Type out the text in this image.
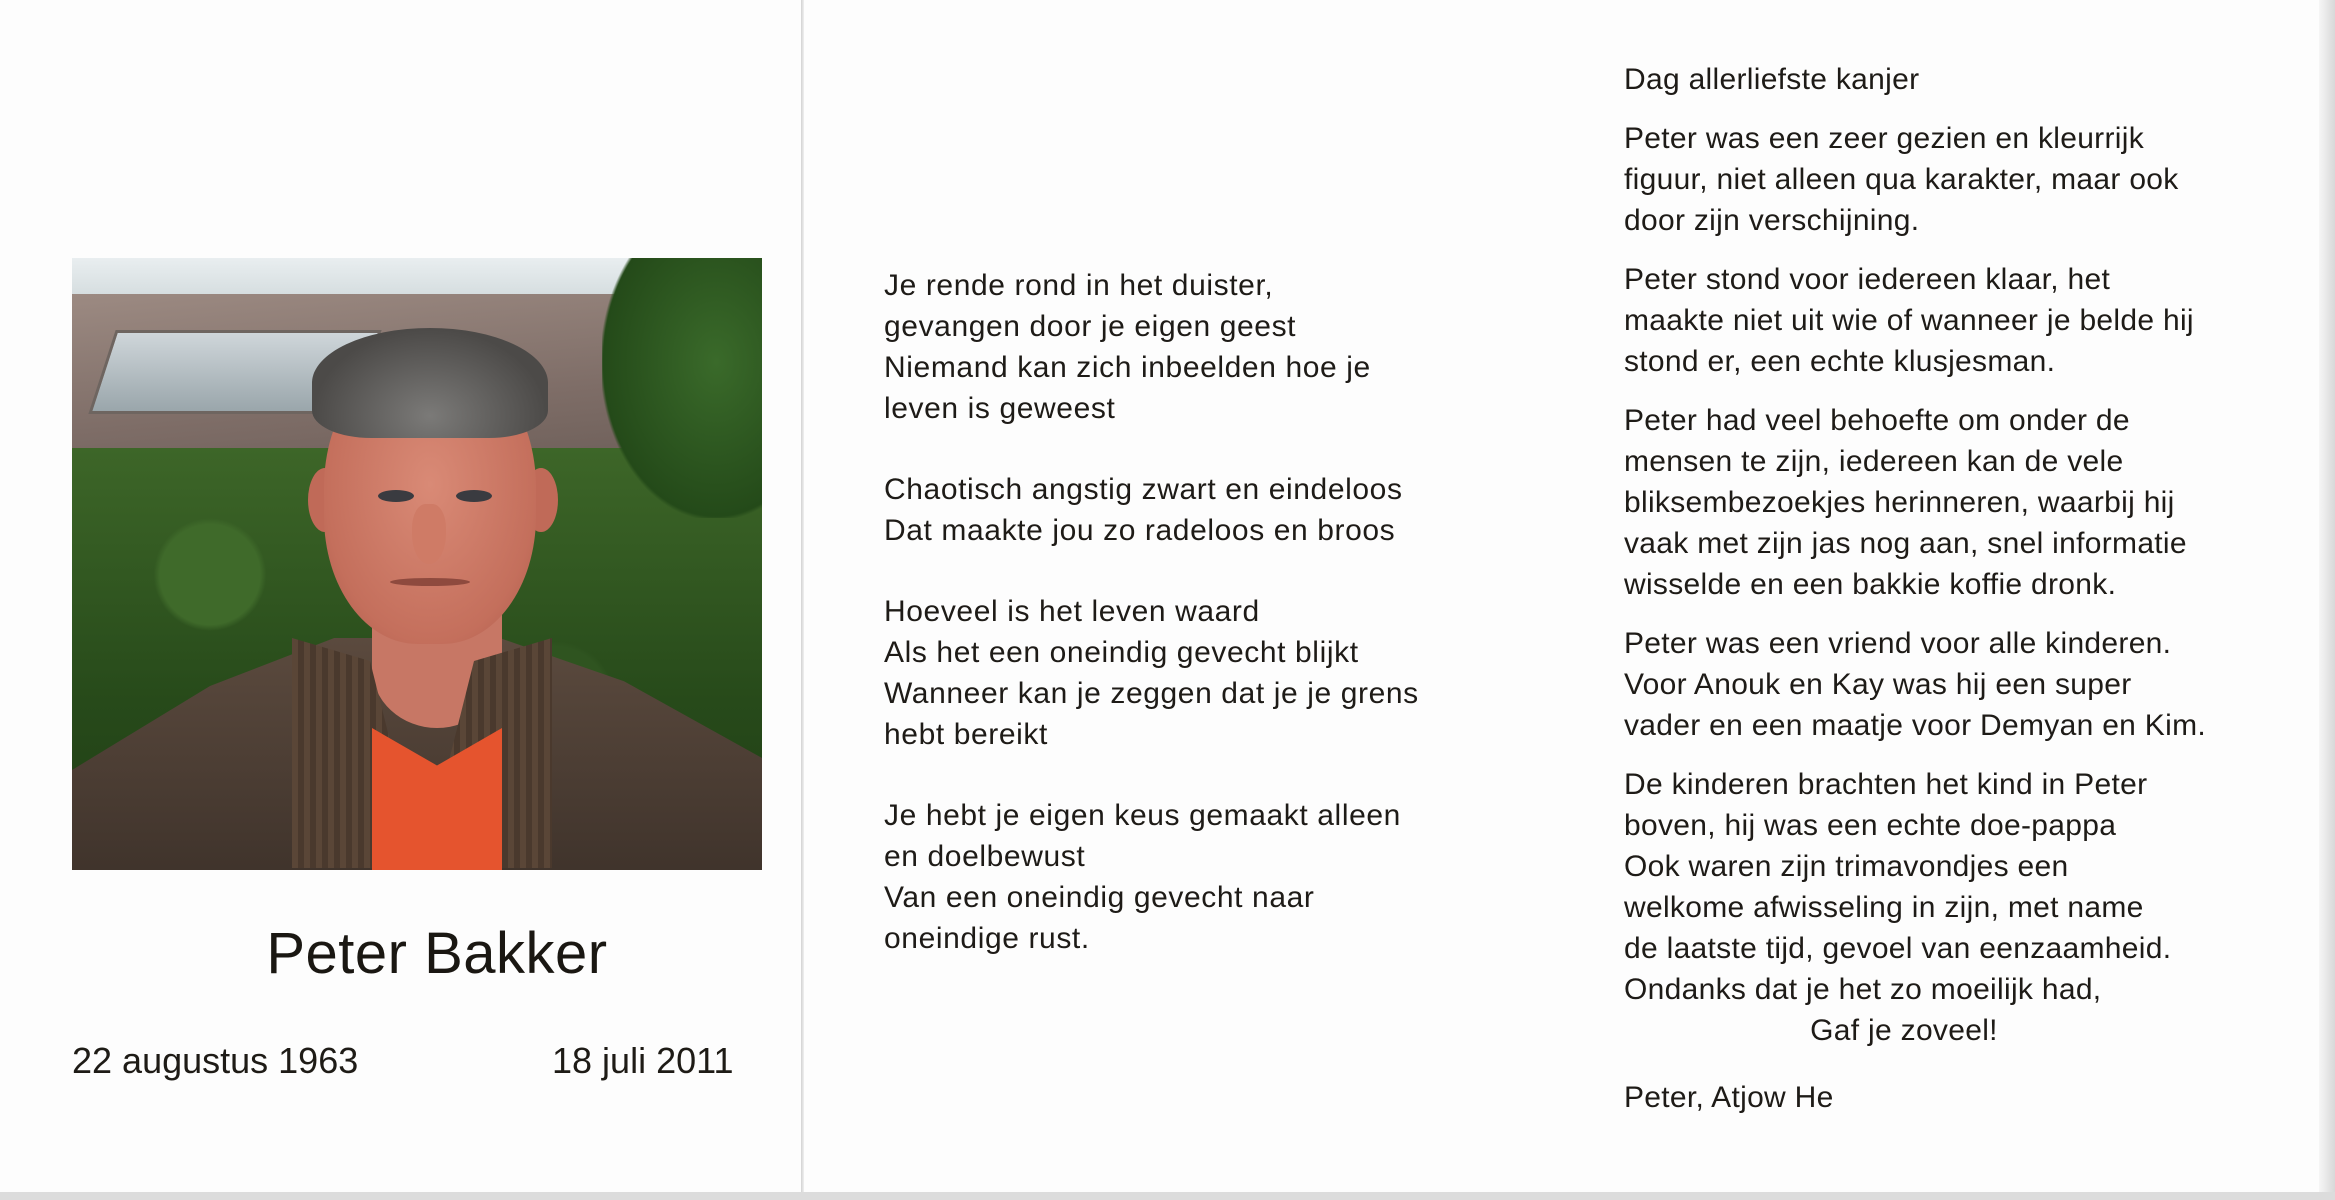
Peter Bakker
22 augustus 1963	18 juli 2011
Je rende rond in het duister,
gevangen door je eigen geest
Niemand kan zich inbeelden hoe je
leven is geweest
Chaotisch angstig zwart en eindeloos
Dat maakte jou zo radeloos en broos
Hoeveel is het leven waard
Als het een oneindig gevecht blijkt
Wanneer kan je zeggen dat je je grens
hebt bereikt
Je hebt je eigen keus gemaakt alleen
en doelbewust
Van een oneindig gevecht naar
oneindige rust.
Dag allerliefste kanjer
Peter was een zeer gezien en kleurrijk
figuur, niet alleen qua karakter, maar ook
door zijn verschijning.
Peter stond voor iedereen klaar, het
maakte niet uit wie of wanneer je belde hij
stond er, een echte klusjesman.
Peter had veel behoefte om onder de
mensen te zijn, iedereen kan de vele
bliksembezoekjes herinneren, waarbij hij
vaak met zijn jas nog aan, snel informatie
wisselde en een bakkie koffie dronk.
Peter was een vriend voor alle kinderen.
Voor Anouk en Kay was hij een super
vader en een maatje voor Demyan en Kim.
De kinderen brachten het kind in Peter
boven, hij was een echte doe-pappa
Ook waren zijn trimavondjes een
welkome afwisseling in zijn, met name
de laatste tijd, gevoel van eenzaamheid.
Ondanks dat je het zo moeilijk had,
Gaf je zoveel!
Peter, Atjow He
